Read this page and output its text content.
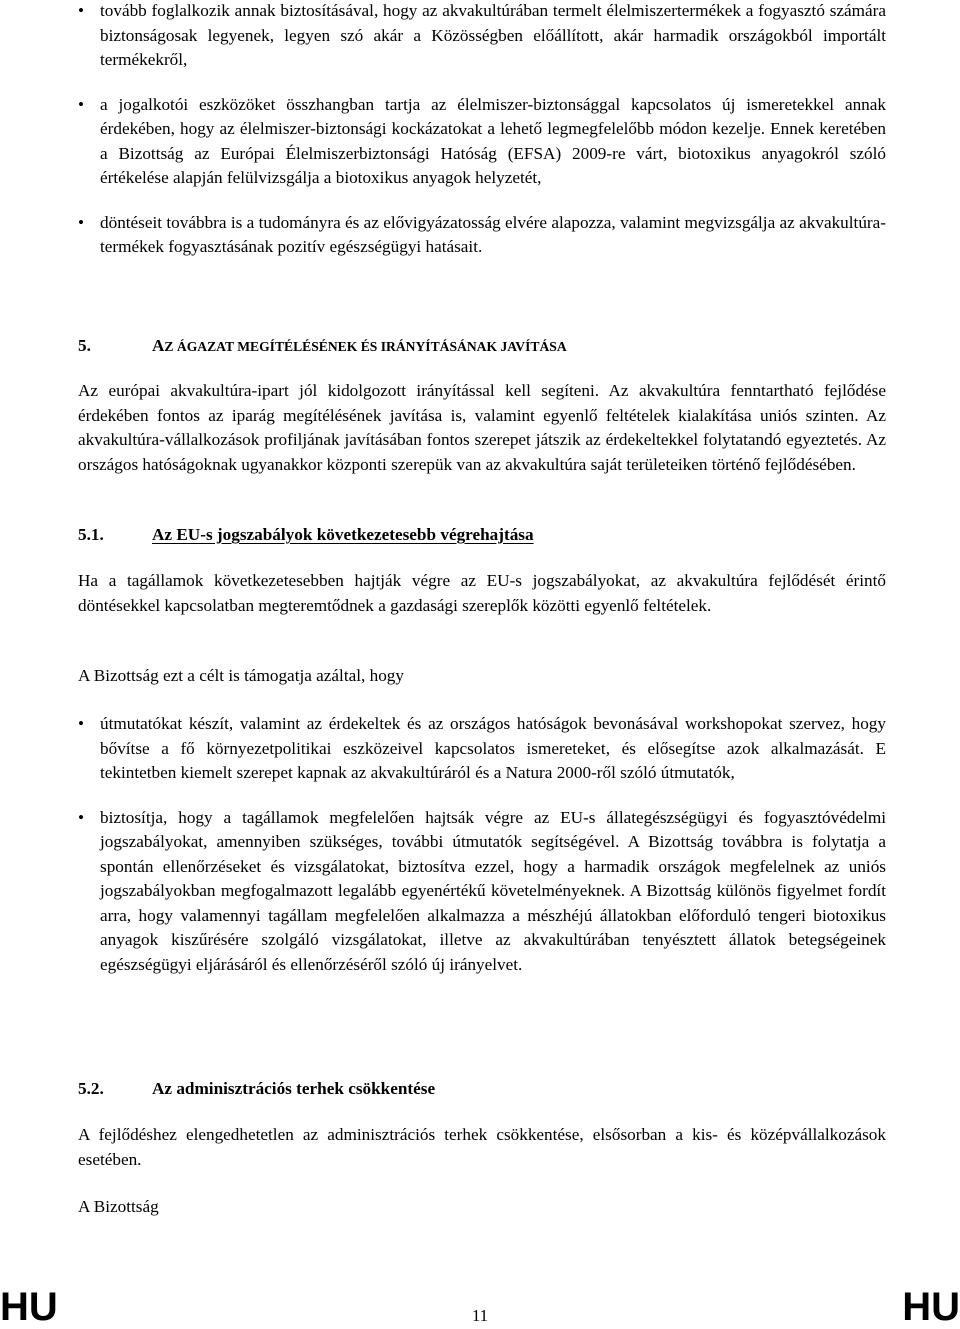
• tovább foglalkozik annak biztosításával, hogy az akvakultúrában termelt élelmiszertermékek a fogyasztó számára biztonságosak legyenek, legyen szó akár a Közösségben előállított, akár harmadik országokból importált termékekről,
• a jogalkotói eszközöket összhangban tartja az élelmiszer-biztonsággal kapcsolatos új ismeretekkel annak érdekében, hogy az élelmiszer-biztonsági kockázatokat a lehető legmegfelelőbb módon kezelje. Ennek keretében a Bizottság az Európai Élelmiszerbiztonsági Hatóság (EFSA) 2009-re várt, biotoxikus anyagokról szóló értékelése alapján felülvizsgálja a biotoxikus anyagok helyzetét,
• döntéseit továbbra is a tudományra és az elővigyázatosság elvére alapozza, valamint megvizsgálja az akvakultúra-termékek fogyasztásának pozitív egészségügyi hatásait.
5.	AZ ÁGAZAT MEGÍTÉLÉSÉNEK ÉS IRÁNYÍTÁSÁNAK JAVÍTÁSA

Az európai akvakultúra-ipart jól kidolgozott irányítással kell segíteni. Az akvakultúra fenntartható fejlődése érdekében fontos az iparág megítélésének javítása is, valamint egyenlő feltételek kialakítása uniós szinten. Az akvakultúra-vállalkozások profiljának javításában fontos szerepet játszik az érdekeltekkel folytatandó egyeztetés. Az országos hatóságoknak ugyanakkor központi szerepük van az akvakultúra saját területeiken történő fejlődésében.

5.1.	Az EU-s jogszabályok következetesebb végrehajtása

Ha a tagállamok következetesebben hajtják végre az EU-s jogszabályokat, az akvakultúra fejlődését érintő döntésekkel kapcsolatban megteremtődnek a gazdasági szereplők közötti egyenlő feltételek.

A Bizottság ezt a célt is támogatja azáltal, hogy

• útmutatókat készít, valamint az érdekeltek és az országos hatóságok bevonásával workshopokat szervez, hogy bővítse a fő környezetpolitikai eszközeivel kapcsolatos ismereteket, és elősegítse azok alkalmazását. E tekintetben kiemelt szerepet kapnak az akvakultúráról és a Natura 2000-ről szóló útmutatók,
• biztosítja, hogy a tagállamok megfelelően hajtsák végre az EU-s állategészségügyi és fogyasztóvédelmi jogszabályokat, amennyiben szükséges, további útmutatók segítségével. A Bizottság továbbra is folytatja a spontán ellenőrzéseket és vizsgálatokat, biztosítva ezzel, hogy a harmadik országok megfelelnek az uniós jogszabályokban megfogalmazott legalább egyenértékű követelményeknek. A Bizottság különös figyelmet fordít arra, hogy valamennyi tagállam megfelelően alkalmazza a mészhéjú állatokban előforduló tengeri biotoxikus anyagok kiszűrésére szolgáló vizsgálatokat, illetve az akvakultúrában tenyésztett állatok betegségeinek egészségügyi eljárásáról és ellenőrzéséről szóló új irányelvet.
5.2.	Az adminisztrációs terhek csökkentése

A fejlődéshez elengedhetetlen az adminisztrációs terhek csökkentése, elsősorban a kis- és középvállalkozások esetében.

A Bizottság

HU	11	HU
